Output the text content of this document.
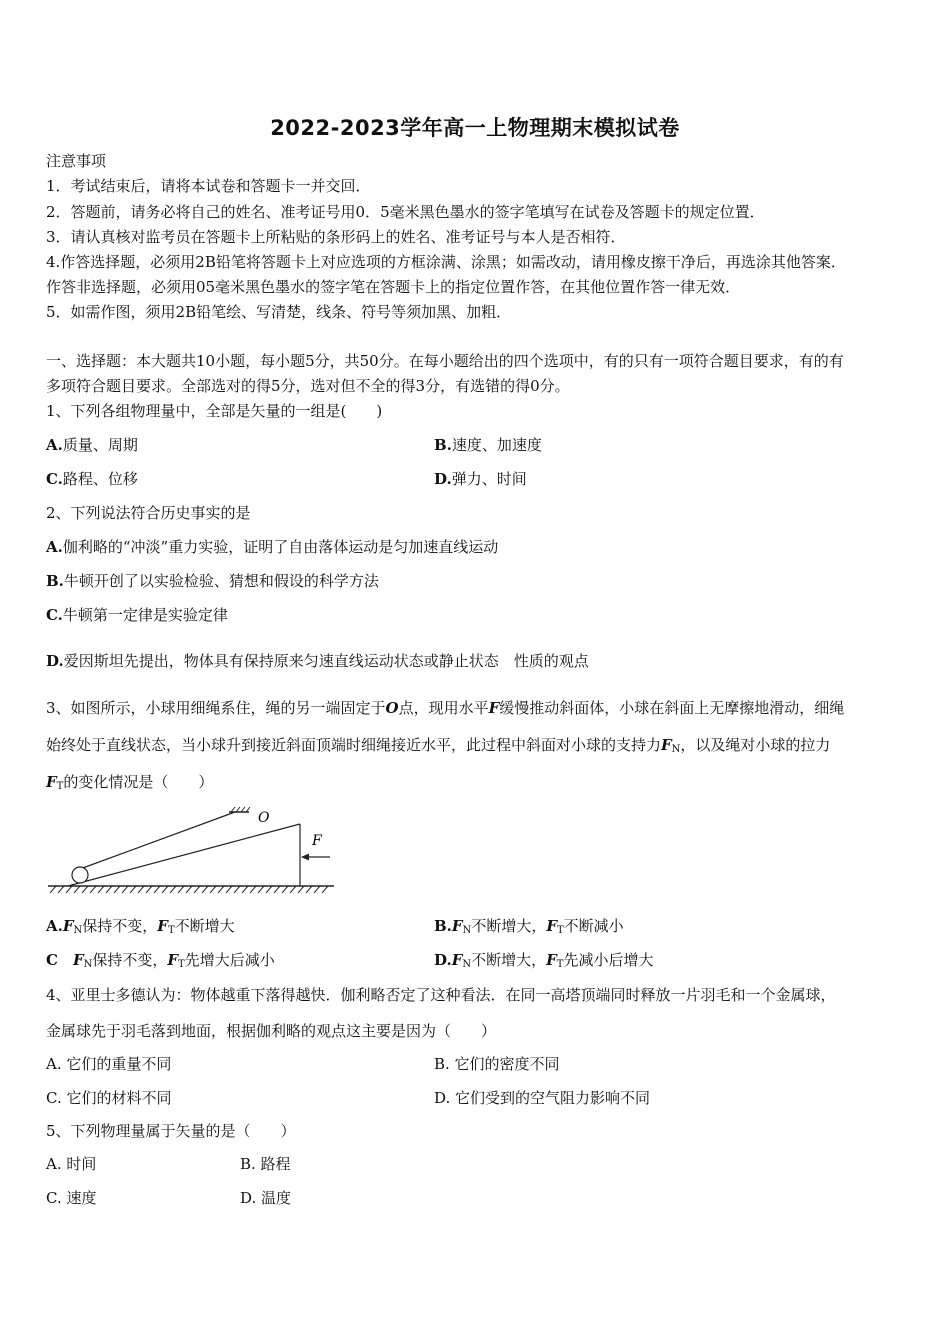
2022-2023学年高一上物理期末模拟试卷
注意事项
1．考试结束后，请将本试卷和答题卡一并交回．
2．答题前，请务必将自己的姓名、准考证号用0．5毫米黑色墨水的签字笔填写在试卷及答题卡的规定位置．
3．请认真核对监考员在答题卡上所粘贴的条形码上的姓名、准考证号与本人是否相符．
4.作答选择题，必须用2B铅笔将答题卡上对应选项的方框涂满、涂黑；如需改动，请用橡皮擦干净后，再选涂其他答案．
作答非选择题，必须用05毫米黑色墨水的签字笔在答题卡上的指定位置作答，在其他位置作答一律无效．
5．如需作图，须用2B铅笔绘、写清楚，线条、符号等须加黑、加粗．
一、选择题：本大题共10小题，每小题5分，共50分。在每小题给出的四个选项中，有的只有一项符合题目要求，有的有
多项符合题目要求。全部选对的得5分，选对但不全的得3分，有选错的得0分。
1、下列各组物理量中，全部是矢量的一组是(　　)
A.质量、周期	B.速度、加速度
C.路程、位移	D.弹力、时间
2、下列说法符合历史事实的是
A.伽利略的“冲淡”重力实验，证明了自由落体运动是匀加速直线运动
B.牛顿开创了以实验检验、猜想和假设的科学方法
C.牛顿第一定律是实验定律
D.爱因斯坦先提出，物体具有保持原来匀速直线运动状态或静止状态　性质的观点
3、如图所示，小球用细绳系住，绳的另一端固定于O点，现用水平F缓慢推动斜面体，小球在斜面上无摩擦地滑动，细绳
始终处于直线状态，当小球升到接近斜面顶端时细绳接近水平，此过程中斜面对小球的支持力$F_N$，以及绳对小球的拉力
$F_T$的变化情况是（　　）
O
F
$A.F_N$保持不变，$F_T$不断增大	$B.F_N$不断增大，$F_T$不断减小
C　$F_N$保持不变，$F_T$先增大后减小	$D.F_N$不断增大，$F_T$先减小后增大
4、亚里士多德认为：物体越重下落得越快．伽利略否定了这种看法．在同一高塔顶端同时释放一片羽毛和一个金属球，
金属球先于羽毛落到地面，根据伽利略的观点这主要是因为（　　）
A. 它们的重量不同	B. 它们的密度不同
C. 它们的材料不同	D. 它们受到的空气阻力影响不同
5、下列物理量属于矢量的是（　　）
A. 时间	B. 路程
C. 速度	D. 温度
